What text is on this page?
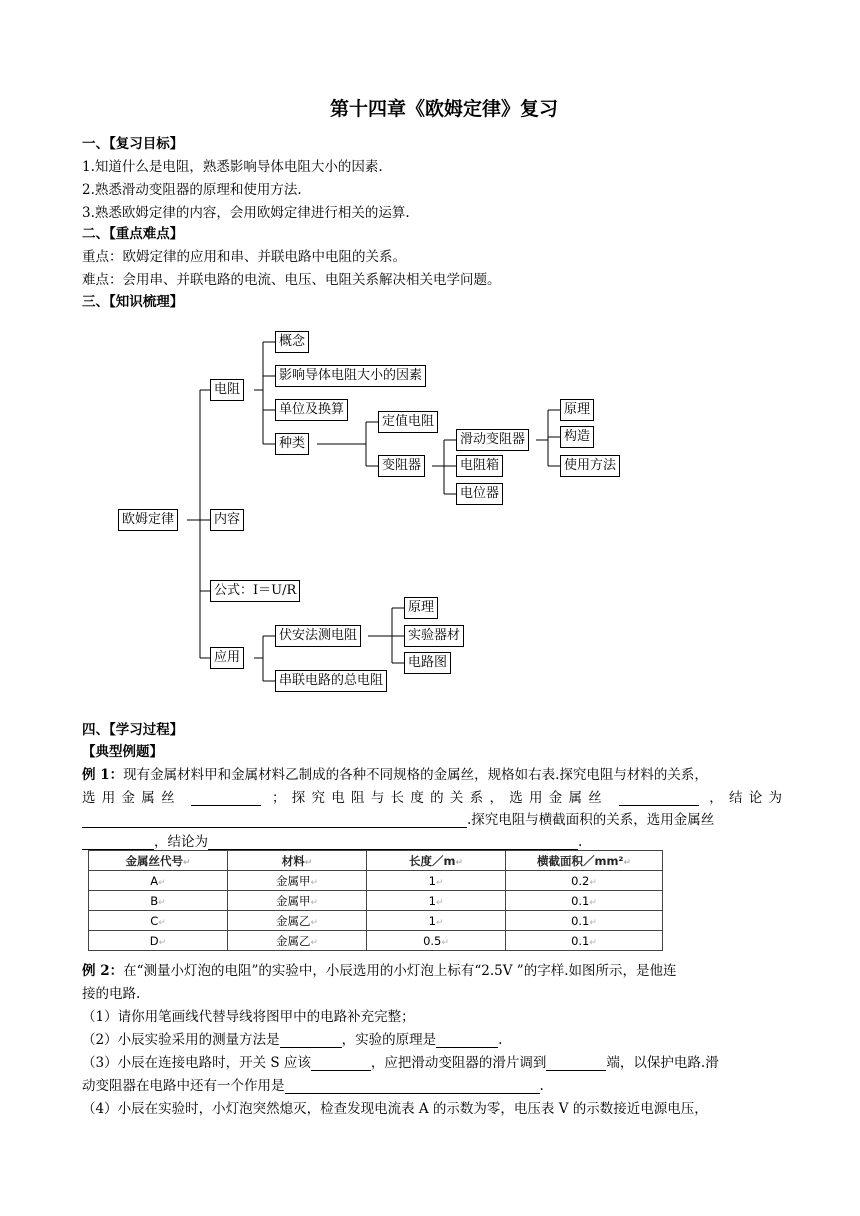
第十四章《欧姆定律》复习
一、【复习目标】
1.知道什么是电阻，熟悉影响导体电阻大小的因素.
2.熟悉滑动变阻器的原理和使用方法.
3.熟悉欧姆定律的内容，会用欧姆定律进行相关的运算.
二、【重点难点】
重点：欧姆定律的应用和串、并联电路中电阻的关系。
难点：会用串、并联电路的电流、电压、电阻关系解决相关电学问题。
三、【知识梳理】
欧姆定律
电阻
概念
影响导体电阻大小的因素
单位及换算
种类
定值电阻
变阻器
滑动变阻器
电阻箱
电位器
原理
构造
使用方法
内容
公式：I＝U/R
应用
伏安法测电阻
原理
实验器材
电路图
串联电路的总电阻
四、【学习过程】
【典型例题】
例 1：现有金属材料甲和金属材料乙制成的各种不同规格的金属丝，规格如右表.探究电阻与材料的关系，
选用金属丝	；探究电阻与长度的关系，选用金属丝	，结论为
.探究电阻与横截面积的关系，选用金属丝
，结论为	.
金属丝代号↵	材料↵	长度／m↵	横截面积／mm²↵
A↵	金属甲↵	1↵	0.2↵
B↵	金属甲↵	1↵	0.1↵
C↵	金属乙↵	1↵	0.1↵
D↵	金属乙↵	0.5↵	0.1↵
例 2：在“测量小灯泡的电阻”的实验中，小辰选用的小灯泡上标有“2.5V ”的字样.如图所示，是他连
接的电路.
（1）请你用笔画线代替导线将图甲中的电路补充完整；
（2）小辰实验采用的测量方法是	，实验的原理是	.
（3）小辰在连接电路时，开关 S 应该	，应把滑动变阻器的滑片调到	端，以保护电路.滑
动变阻器在电路中还有一个作用是	.
（4）小辰在实验时，小灯泡突然熄灭，检查发现电流表 A 的示数为零，电压表 V 的示数接近电源电压，
